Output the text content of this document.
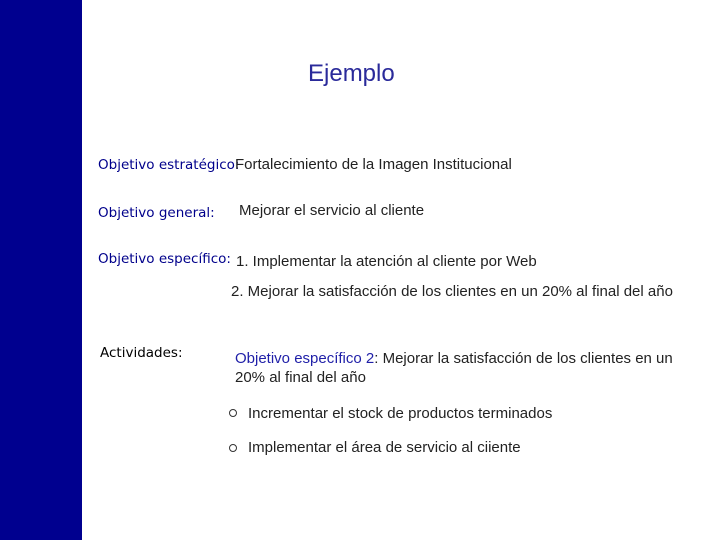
Ejemplo
Objetivo estratégico:
Fortalecimiento de la Imagen Institucional
Objetivo general: Mejorar el servicio al cliente
Objetivo específico: 1. Implementar la atención al cliente por Web
2. Mejorar la satisfacción de los clientes en un 20% al final del año
Actividades:	Objetivo específico 2: Mejorar la satisfacción de los clientes en un 20% al final del año
Incrementar el stock de productos terminados
Implementar el área de servicio al ciiente
